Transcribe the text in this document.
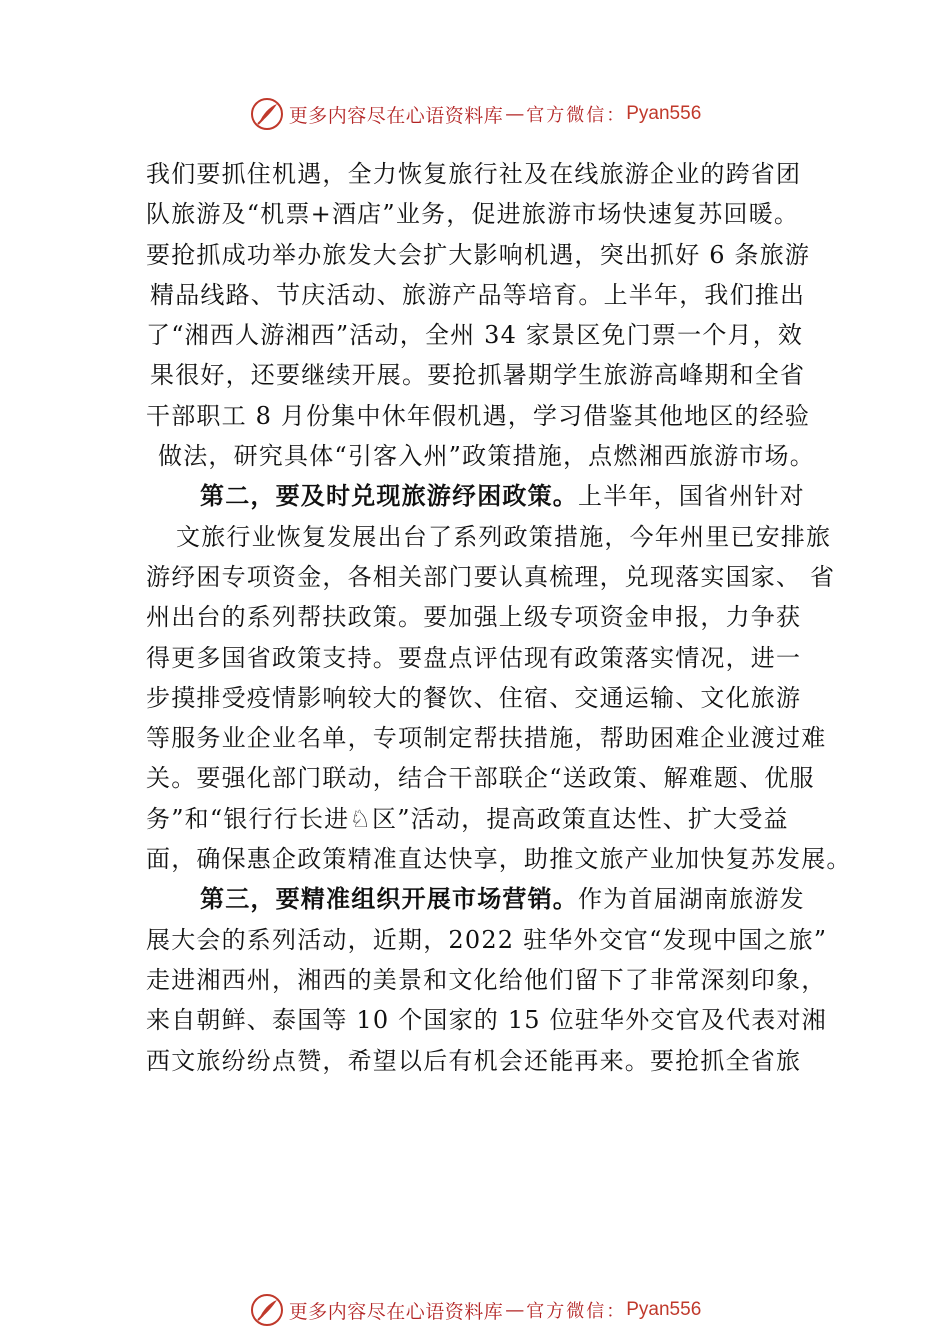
更多内容尽在心语资料库 — 官方微信： Pyan556
我们要抓住机遇，全力恢复旅行社及在线旅游企业的跨省团
队旅游及“机票+酒店”业务，促进旅游市场快速复苏回暖。
要抢抓成功举办旅发大会扩大影响机遇，突出抓好 6 条旅游
精品线路、节庆活动、旅游产品等培育。上半年，我们推出
了“湘西人游湘西”活动，全州 34 家景区免门票一个月，效
果很好，还要继续开展。要抢抓暑期学生旅游高峰期和全省
干部职工 8 月份集中休年假机遇，学习借鉴其他地区的经验
做法，研究具体“引客入州”政策措施，点燃湘西旅游市场。
第二，要及时兑现旅游纾困政策。上半年，国省州针对
文旅行业恢复发展出台了系列政策措施，今年州里已安排旅
游纾困专项资金，各相关部门要认真梳理，兑现落实国家、 省
州出台的系列帮扶政策。要加强上级专项资金申报，力争获
得更多国省政策支持。要盘点评估现有政策落实情况，进一
步摸排受疫情影响较大的餐饮、住宿、交通运输、文化旅游
等服务业企业名单，专项制定帮扶措施，帮助困难企业渡过难
关。要强化部门联动，结合干部联企“送政策、解难题、优服
务”和“银行行长进♘区”活动，提高政策直达性、扩大受益
面，确保惠企政策精准直达快享，助推文旅产业加快复苏发展。
第三，要精准组织开展市场营销。作为首届湖南旅游发
展大会的系列活动，近期，2022 驻华外交官“发现中国之旅”
走进湘西州，湘西的美景和文化给他们留下了非常深刻印象，
来自朝鲜、泰国等 10 个国家的 15 位驻华外交官及代表对湘
西文旅纷纷点赞，希望以后有机会还能再来。要抢抓全省旅
更多内容尽在心语资料库 — 官方微信： Pyan556
